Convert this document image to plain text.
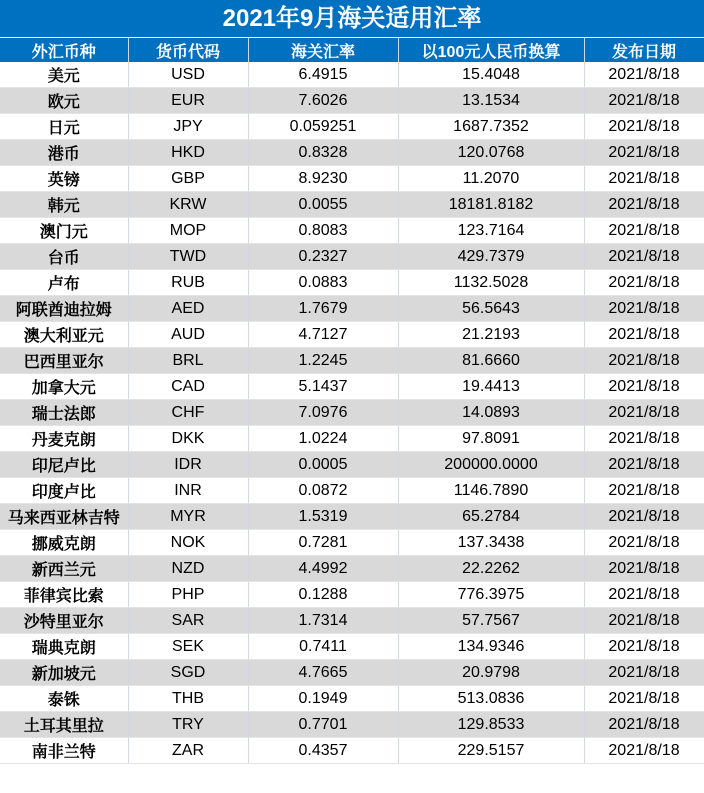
2021年9月海关适用汇率
外汇币种	货币代码	海关汇率	以100元人民币换算	发布日期
美元	USD	6.4915	15.4048	2021/8/18
欧元	EUR	7.6026	13.1534	2021/8/18
日元	JPY	0.059251	1687.7352	2021/8/18
港币	HKD	0.8328	120.0768	2021/8/18
英镑	GBP	8.9230	11.2070	2021/8/18
韩元	KRW	0.0055	18181.8182	2021/8/18
澳门元	MOP	0.8083	123.7164	2021/8/18
台币	TWD	0.2327	429.7379	2021/8/18
卢布	RUB	0.0883	1132.5028	2021/8/18
阿联酋迪拉姆	AED	1.7679	56.5643	2021/8/18
澳大利亚元	AUD	4.7127	21.2193	2021/8/18
巴西里亚尔	BRL	1.2245	81.6660	2021/8/18
加拿大元	CAD	5.1437	19.4413	2021/8/18
瑞士法郎	CHF	7.0976	14.0893	2021/8/18
丹麦克朗	DKK	1.0224	97.8091	2021/8/18
印尼卢比	IDR	0.0005	200000.0000	2021/8/18
印度卢比	INR	0.0872	1146.7890	2021/8/18
马来西亚林吉特	MYR	1.5319	65.2784	2021/8/18
挪威克朗	NOK	0.7281	137.3438	2021/8/18
新西兰元	NZD	4.4992	22.2262	2021/8/18
菲律宾比索	PHP	0.1288	776.3975	2021/8/18
沙特里亚尔	SAR	1.7314	57.7567	2021/8/18
瑞典克朗	SEK	0.7411	134.9346	2021/8/18
新加坡元	SGD	4.7665	20.9798	2021/8/18
泰铢	THB	0.1949	513.0836	2021/8/18
土耳其里拉	TRY	0.7701	129.8533	2021/8/18
南非兰特	ZAR	0.4357	229.5157	2021/8/18
